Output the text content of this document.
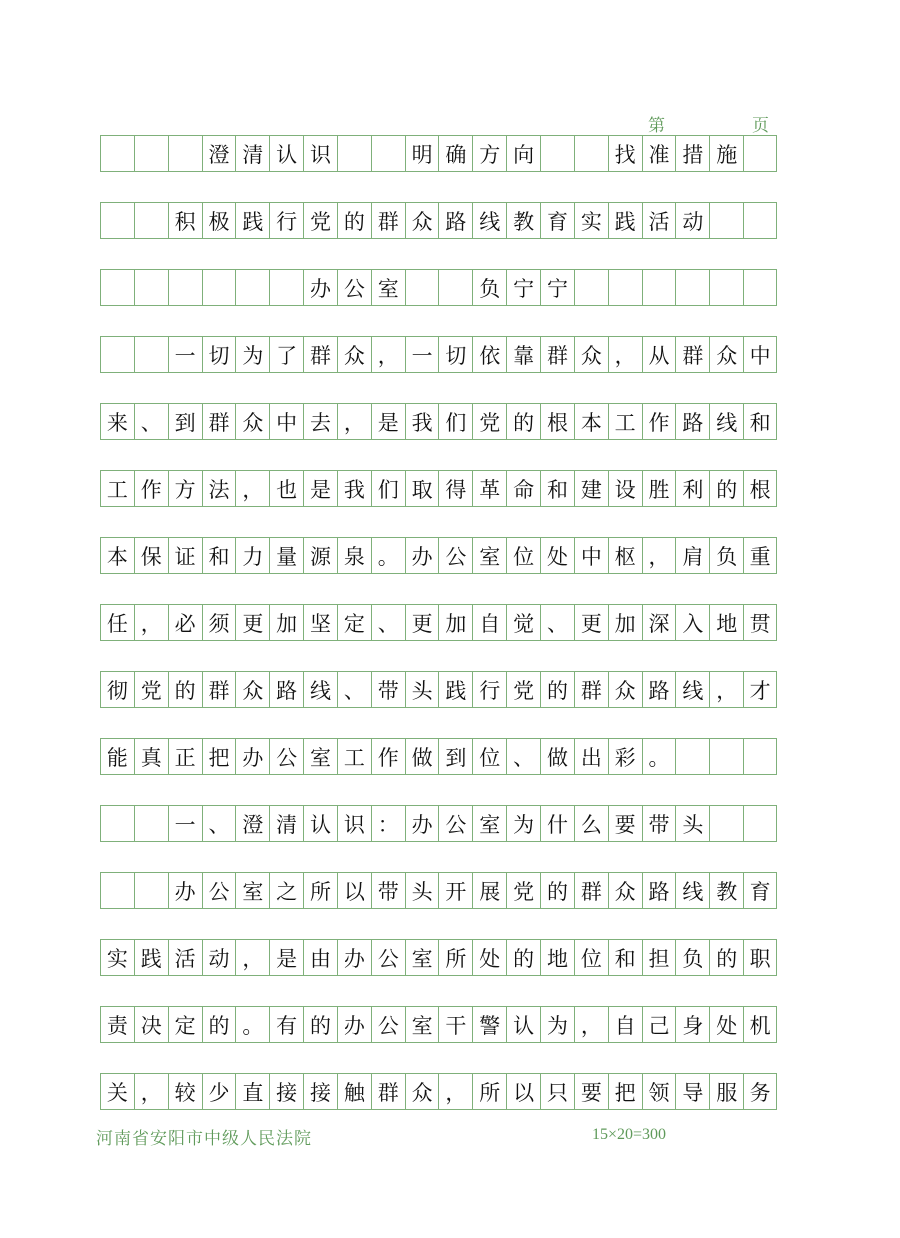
第	页
澄 清 认 识	明 确 方 向	找 准 措 施
积 极 践 行 党 的 群 众 路 线 教 育 实 践 活 动
办 公 室	负 宁 宁
一 切 为 了 群 众 ， 一 切 依 靠 群 众 ， 从 群 众 中
来 、 到 群 众 中 去 ， 是 我 们 党 的 根 本 工 作 路 线 和
工 作 方 法 ， 也 是 我 们 取 得 革 命 和 建 设 胜 利 的 根
本 保 证 和 力 量 源 泉 。 办 公 室 位 处 中 枢 ， 肩 负 重
任 ， 必 须 更 加 坚 定 、 更 加 自 觉 、 更 加 深 入 地 贯
彻 党 的 群 众 路 线 、 带 头 践 行 党 的 群 众 路 线 ， 才
能 真 正 把 办 公 室 工 作 做 到 位 、 做 出 彩 。
一 、 澄 清 认 识 ： 办 公 室 为 什 么 要 带 头
办 公 室 之 所 以 带 头 开 展 党 的 群 众 路 线 教 育
实 践 活 动 ， 是 由 办 公 室 所 处 的 地 位 和 担 负 的 职
责 决 定 的 。 有 的 办 公 室 干 警 认 为 ， 自 己 身 处 机
关 ， 较 少 直 接 接 触 群 众 ， 所 以 只 要 把 领 导 服 务
河南省安阳市中级人民法院	15×20=300
